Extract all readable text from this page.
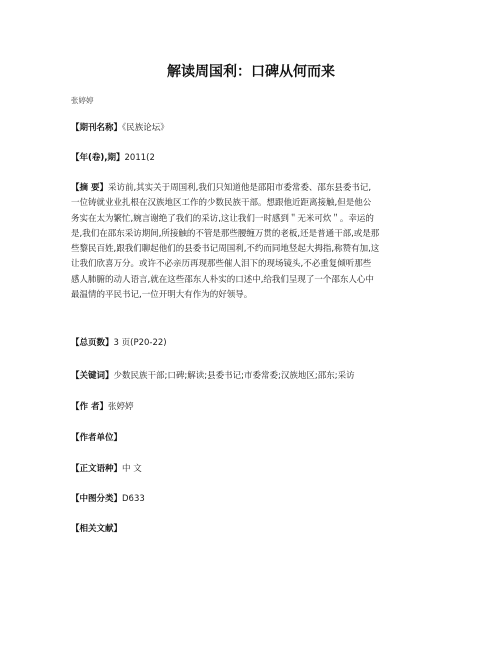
解读周国利：口碑从何而来
张婷婷
【期刊名称】《民族论坛》
【年(卷),期】2011(2
【摘 要】采访前,其实关于周国利,我们只知道他是邵阳市委常委、邵东县委书记,
一位铸就业业扎根在汉族地区工作的少数民族干部。想跟他近距离接触,但是他公
务实在太为繁忙,婉言谢绝了我们的采访,这让我们一时感到＂无米可炊＂。幸运的
是,我们在邵东采访期间,所接触的不管是那些腰缠万贯的老板,还是普通干部,或是那
些黎民百姓,跟我们聊起他们的县委书记周国利,不约而同地竖起大拇指,称赞有加,这
让我们欣喜万分。或许不必亲历再现那些催人泪下的现场镜头,不必重复倾听那些
感人肺腑的动人语言,就在这些邵东人朴实的口述中,给我们呈现了一个邵东人心中
最温情的平民书记,一位开明大有作为的好领导。
【总页数】3 页(P20-22)
【关键词】少数民族干部;口碑;解读;县委书记;市委常委;汉族地区;邵东;采访
【作 者】张婷婷
【作者单位】
【正文语种】中 文
【中图分类】D633
【相关文献】
